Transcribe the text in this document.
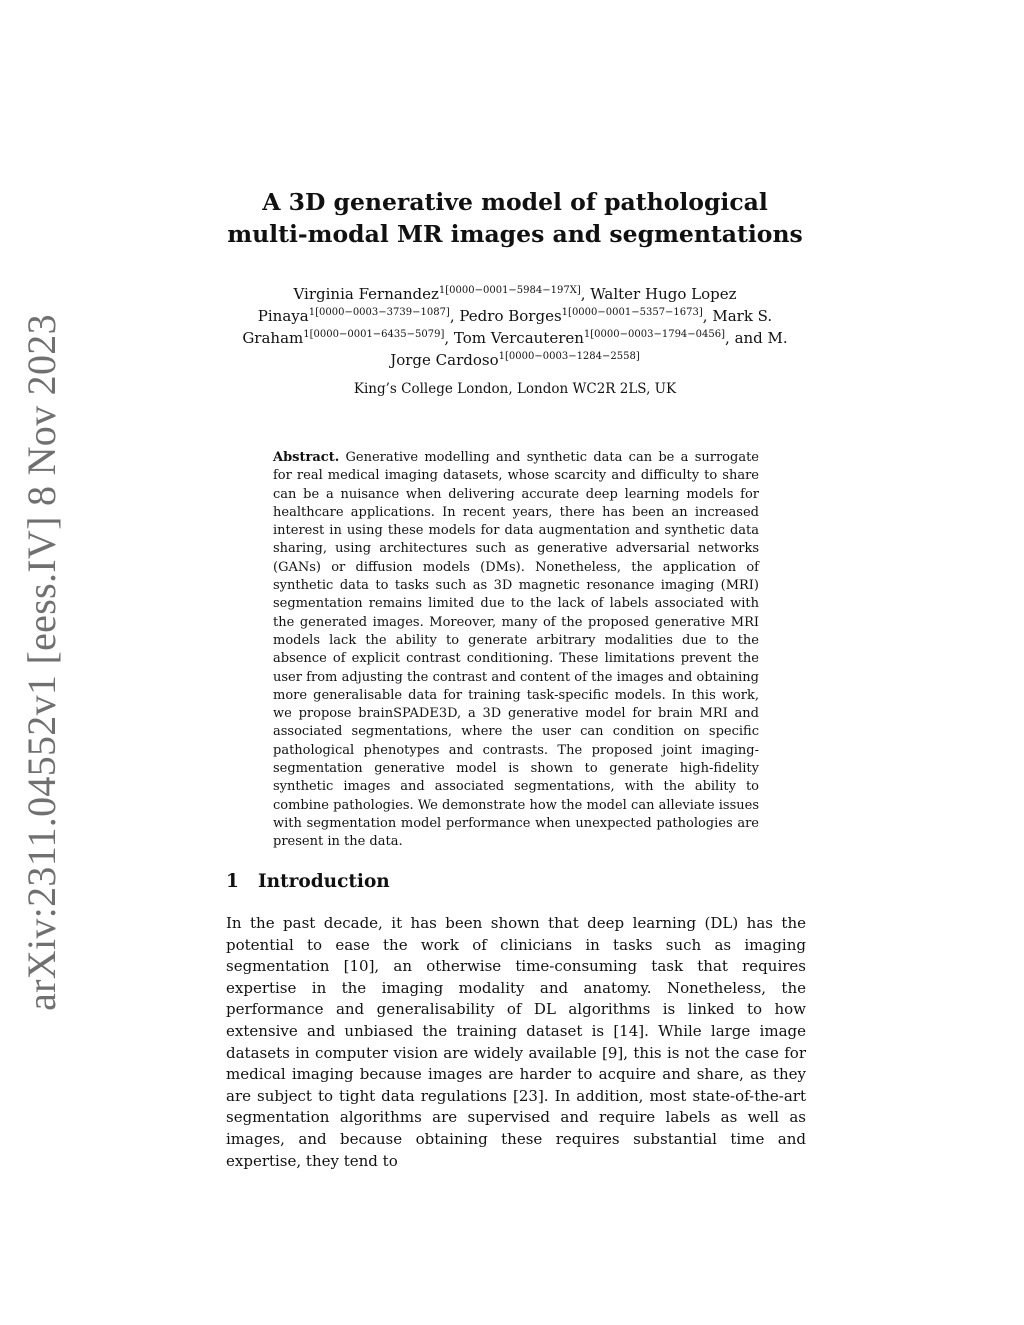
arXiv:2311.04552v1 [eess.IV] 8 Nov 2023
A 3D generative model of pathological
multi-modal MR images and segmentations

Virginia Fernandez$^{1[0000-0001-5984-197X]}$, Walter Hugo Lopez Pinaya$^{1[0000-0003-3739-1087]}$, Pedro Borges$^{1[0000-0001-5357-1673]}$, Mark S. Graham$^{1[0000-0001-6435-5079]}$, Tom Vercauteren$^{1[0000-0003-1794-0456]}$, and M. Jorge Cardoso$^{1[0000-0003-1284-2558]}$

King’s College London, London WC2R 2LS, UK

Abstract. Generative modelling and synthetic data can be a surrogate for real medical imaging datasets, whose scarcity and difficulty to share can be a nuisance when delivering accurate deep learning models for healthcare applications. In recent years, there has been an increased interest in using these models for data augmentation and synthetic data sharing, using architectures such as generative adversarial networks (GANs) or diffusion models (DMs). Nonetheless, the application of synthetic data to tasks such as 3D magnetic resonance imaging (MRI) segmentation remains limited due to the lack of labels associated with the generated images. Moreover, many of the proposed generative MRI models lack the ability to generate arbitrary modalities due to the absence of explicit contrast conditioning. These limitations prevent the user from adjusting the contrast and content of the images and obtaining more generalisable data for training task-specific models. In this work, we propose brainSPADE3D, a 3D generative model for brain MRI and associated segmentations, where the user can condition on specific pathological phenotypes and contrasts. The proposed joint imaging-segmentation generative model is shown to generate high-fidelity synthetic images and associated segmentations, with the ability to combine pathologies. We demonstrate how the model can alleviate issues with segmentation model performance when unexpected pathologies are present in the data.

1 Introduction

In the past decade, it has been shown that deep learning (DL) has the potential to ease the work of clinicians in tasks such as imaging segmentation [10], an otherwise time-consuming task that requires expertise in the imaging modality and anatomy. Nonetheless, the performance and generalisability of DL algorithms is linked to how extensive and unbiased the training dataset is [14]. While large image datasets in computer vision are widely available [9], this is not the case for medical imaging because images are harder to acquire and share, as they are subject to tight data regulations [23]. In addition, most state-of-the-art segmentation algorithms are supervised and require labels as well as images, and because obtaining these requires substantial time and expertise, they tend to
